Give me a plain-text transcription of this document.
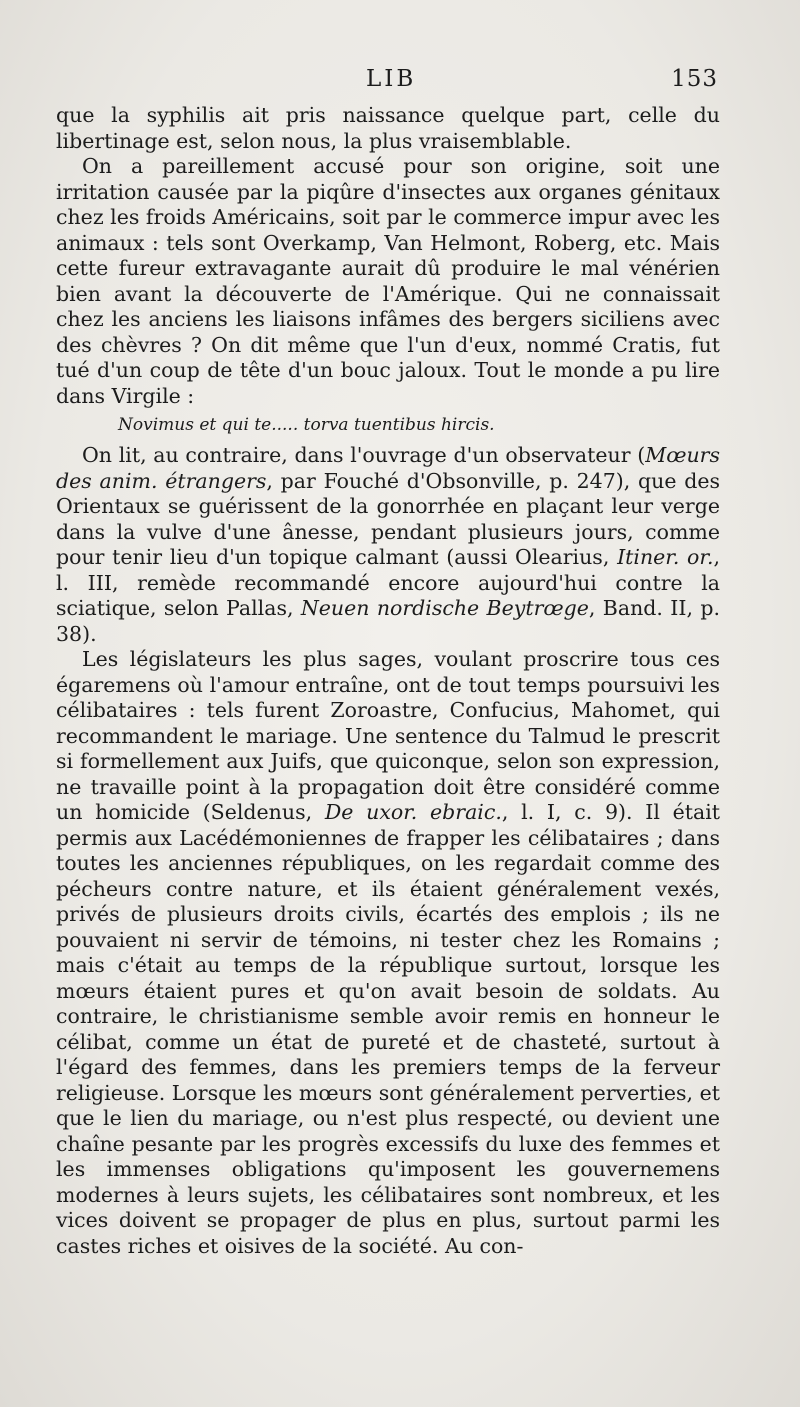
LIB	153

que la syphilis ait pris naissance quelque part, celle du libertinage est, selon nous, la plus vraisemblable.

On a pareillement accusé pour son origine, soit une irritation causée par la piqûre d'insectes aux organes génitaux chez les froids Américains, soit par le commerce impur avec les animaux : tels sont Overkamp, Van Helmont, Roberg, etc. Mais cette fureur extravagante aurait dû produire le mal vénérien bien avant la découverte de l'Amérique. Qui ne connaissait chez les anciens les liaisons infâmes des bergers siciliens avec des chèvres ? On dit même que l'un d'eux, nommé Cratis, fut tué d'un coup de tête d'un bouc jaloux. Tout le monde a pu lire dans Virgile :

Novimus et qui te..... torva tuentibus hircis.

On lit, au contraire, dans l'ouvrage d'un observateur (Mœurs des anim. étrangers, par Fouché d'Obsonville, p. 247), que des Orientaux se guérissent de la gonorrhée en plaçant leur verge dans la vulve d'une ânesse, pendant plusieurs jours, comme pour tenir lieu d'un topique calmant (aussi Olearius, Itiner. or., l. III, remède recommandé encore aujourd'hui contre la sciatique, selon Pallas, Neuen nordische Beytrœge, Band. II, p. 38).

Les législateurs les plus sages, voulant proscrire tous ces égaremens où l'amour entraîne, ont de tout temps poursuivi les célibataires : tels furent Zoroastre, Confucius, Mahomet, qui recommandent le mariage. Une sentence du Talmud le prescrit si formellement aux Juifs, que quiconque, selon son expression, ne travaille point à la propagation doit être considéré comme un homicide (Seldenus, De uxor. ebraic., l. I, c. 9). Il était permis aux Lacédémoniennes de frapper les célibataires ; dans toutes les anciennes républiques, on les regardait comme des pécheurs contre nature, et ils étaient généralement vexés, privés de plusieurs droits civils, écartés des emplois ; ils ne pouvaient ni servir de témoins, ni tester chez les Romains ; mais c'était au temps de la république surtout, lorsque les mœurs étaient pures et qu'on avait besoin de soldats. Au contraire, le christianisme semble avoir remis en honneur le célibat, comme un état de pureté et de chasteté, surtout à l'égard des femmes, dans les premiers temps de la ferveur religieuse. Lorsque les mœurs sont généralement perverties, et que le lien du mariage, ou n'est plus respecté, ou devient une chaîne pesante par les progrès excessifs du luxe des femmes et les immenses obligations qu'imposent les gouvernemens modernes à leurs sujets, les célibataires sont nombreux, et les vices doivent se propager de plus en plus, surtout parmi les castes riches et oisives de la société. Au con-
